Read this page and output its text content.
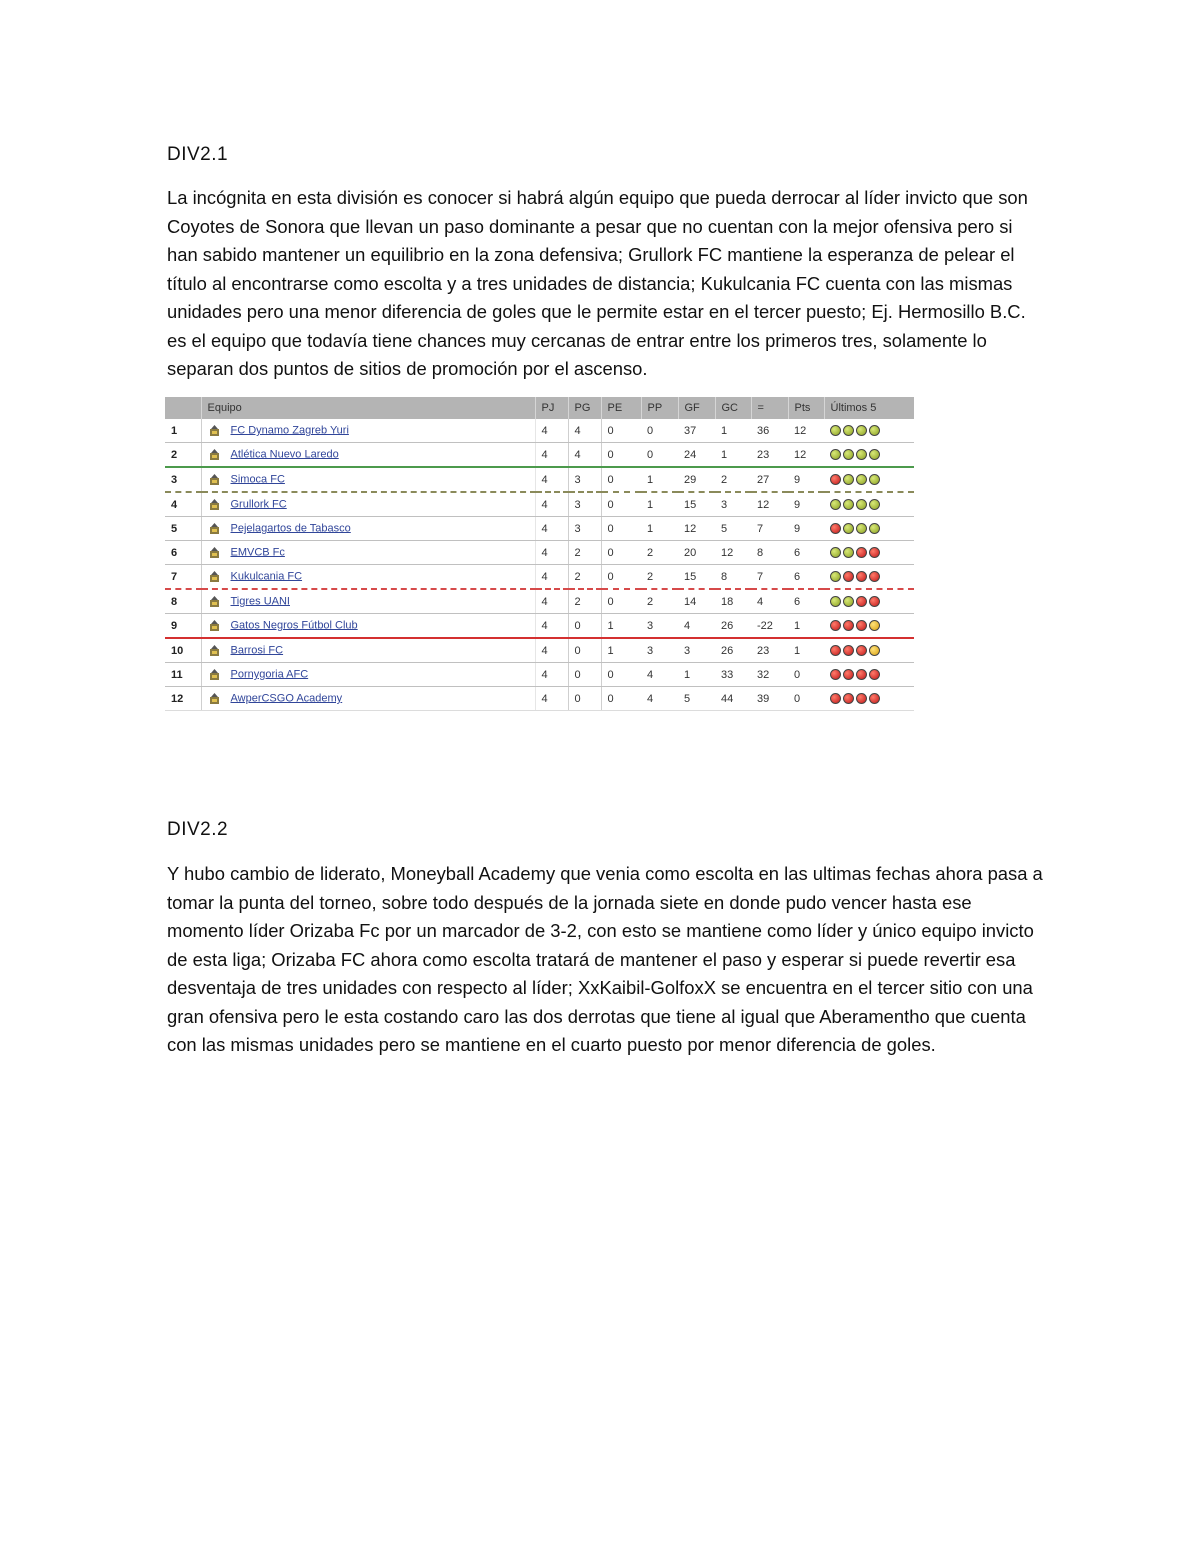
DIV2.1

La incógnita en esta división es conocer si habrá algún equipo que pueda derrocar al líder invicto que son Coyotes de Sonora que llevan un paso dominante a pesar que no cuentan con la mejor ofensiva pero si han sabido mantener un equilibrio en la zona defensiva; Grullork FC mantiene la esperanza de pelear el título al encontrarse como escolta y a tres unidades de distancia; Kukulcania FC cuenta con las mismas unidades pero una menor diferencia de goles que le permite estar en el tercer puesto; Ej. Hermosillo B.C. es el equipo que todavía tiene chances muy cercanas de entrar entre los primeros tres, solamente lo separan dos puntos de sitios de promoción por el ascenso.

	Equipo	PJ	PG	PE	PP	GF	GC	=	Pts	Últimos 5
1	FC Dynamo Zagreb Yuri	4	4	0	0	37	1	36	12	
2	Atlética Nuevo Laredo	4	4	0	0	24	1	23	12	
3	Simoca FC	4	3	0	1	29	2	27	9	
4	Grullork FC	4	3	0	1	15	3	12	9	
5	Pejelagartos de Tabasco	4	3	0	1	12	5	7	9	
6	EMVCB Fc	4	2	0	2	20	12	8	6	
7	Kukulcania FC	4	2	0	2	15	8	7	6	
8	Tigres UANI	4	2	0	2	14	18	4	6	
9	Gatos Negros Fútbol Club	4	0	1	3	4	26	-22	1	
10	Barrosi FC	4	0	1	3	3	26	23	1	
11	Pornygoria AFC	4	0	0	4	1	33	32	0	
12	AwperCSGO Academy	4	0	0	4	5	44	39	0	
DIV2.2

Y hubo cambio de liderato, Moneyball Academy que venia como escolta en las ultimas fechas ahora pasa a tomar la punta del torneo, sobre todo después de la jornada siete en donde pudo vencer hasta ese momento líder Orizaba Fc por un marcador de 3-2, con esto se mantiene como líder y único equipo invicto de esta liga; Orizaba FC ahora como escolta tratará de mantener el paso y esperar si puede revertir esa desventaja de tres unidades con respecto al líder; XxKaibil-GolfoxX se encuentra en el tercer sitio con una gran ofensiva pero le esta costando caro las dos derrotas que tiene al igual que Aberamentho que cuenta con las mismas unidades pero se mantiene en el cuarto puesto por menor diferencia de goles.
